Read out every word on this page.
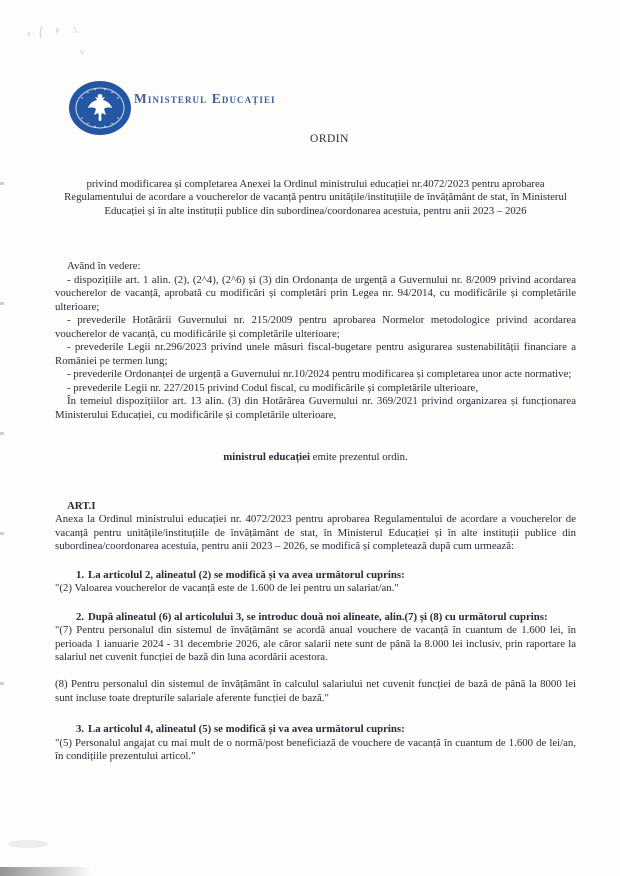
Ministerul Educației
ORDIN

privind modificarea și completarea Anexei la Ordinul ministrului educației nr.4072/2023 pentru aprobarea Regulamentului de acordare a voucherelor de vacanță pentru unitățile/instituțiile de învățământ de stat, în Ministerul Educației și în alte instituții publice din subordinea/coordonarea acestuia, pentru anii 2023 – 2026

Având în vedere:

- dispozițiile art. 1 alin. (2), (2^4), (2^6) și (3) din Ordonanța de urgență a Guvernului nr. 8/2009 privind acordarea voucherelor de vacanță, aprobată cu modificări și completări prin Legea nr. 94/2014, cu modificările și completările ulterioare;

- prevederile Hotărârii Guvernului nr. 215/2009 pentru aprobarea Normelor metodologice privind acordarea voucherelor de vacanță, cu modificările și completările ulterioare;

- prevederile Legii nr.296/2023 privind unele măsuri fiscal-bugetare pentru asigurarea sustenabilității financiare a României pe termen lung;

- prevederile Ordonanței de urgență a Guvernului nr.10/2024 pentru modificarea și completarea unor acte normative;

- prevederile Legii nr. 227/2015 privind Codul fiscal, cu modificările și completările ulterioare,

În temeiul dispozițiilor art. 13 alin. (3) din Hotărârea Guvernului nr. 369/2021 privind organizarea și funcționarea Ministerului Educației, cu modificările și completările ulterioare,

ministrul educației emite prezentul ordin.

ART.I

Anexa la Ordinul ministrului educației nr. 4072/2023 pentru aprobarea Regulamentului de acordare a voucherelor de vacanță pentru unitățile/instituțiile de învățământ de stat, în Ministerul Educației și în alte instituții publice din subordinea/coordonarea acestuia, pentru anii 2023 – 2026, se modifică și completează după cum urmează:

1. La articolul 2, alineatul (2) se modifică și va avea următorul cuprins:

"(2) Valoarea voucherelor de vacanță este de 1.600 de lei pentru un salariat/an."

2. După alineatul (6) al articolului 3, se introduc două noi alineate, alin.(7) și (8) cu următorul cuprins:

"(7) Pentru personalul din sistemul de învățământ se acordă anual vouchere de vacanță în cuantum de 1.600 lei, în perioada 1 ianuarie 2024 - 31 decembrie 2026, ale căror salarii nete sunt de până la 8.000 lei inclusiv, prin raportare la salariul net cuvenit funcției de bază din luna acordării acestora.

(8) Pentru personalul din sistemul de învățământ în calculul salariului net cuvenit funcției de bază de până la 8000 lei sunt incluse toate drepturile salariale aferente funcției de bază."

3. La articolul 4, alineatul (5) se modifică și va avea următorul cuprins:

"(5) Personalul angajat cu mai mult de o normă/post beneficiază de vouchere de vacanță în cuantum de 1.600 de lei/an, în condițiile prezentului articol."
